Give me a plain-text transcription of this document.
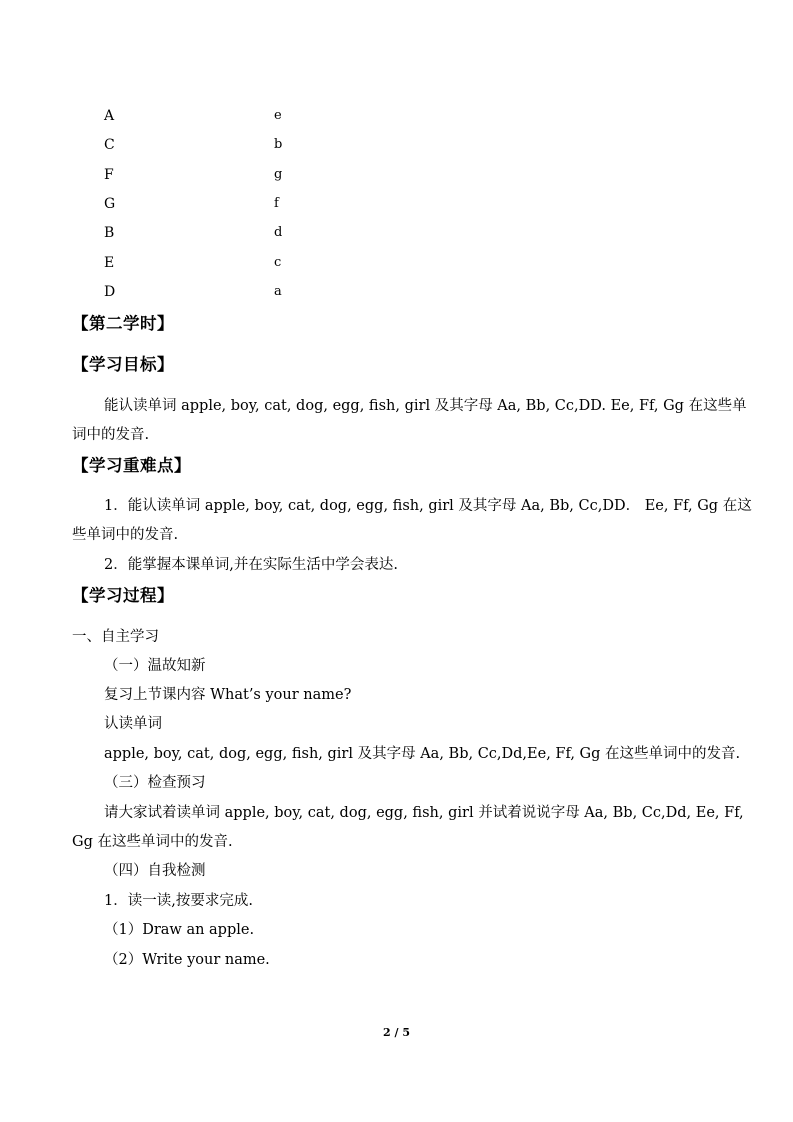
A	e
C	b
F	g
G	f
B	d
E	c
D	a
【第二学时】
【学习目标】
能认读单词 apple, boy, cat, dog, egg, fish, girl 及其字母 Aa, Bb, Cc,DD. Ee, Ff, Gg 在这些单
词中的发音.
【学习重难点】
1．能认读单词 apple, boy, cat, dog, egg, fish, girl 及其字母 Aa, Bb, Cc,DD． Ee, Ff, Gg 在这
些单词中的发音.
2．能掌握本课单词,并在实际生活中学会表达.
【学习过程】
一、自主学习
（一）温故知新
复习上节课内容 What’s your name?
认读单词
apple, boy, cat, dog, egg, fish, girl 及其字母 Aa, Bb, Cc,Dd,Ee, Ff, Gg 在这些单词中的发音.
（三）检查预习
请大家试着读单词 apple, boy, cat, dog, egg, fish, girl 并试着说说字母 Aa, Bb, Cc,Dd, Ee, Ff,
Gg 在这些单词中的发音.
（四）自我检测
1．读一读,按要求完成.
（1）Draw an apple.
（2）Write your name.
2 / 5
